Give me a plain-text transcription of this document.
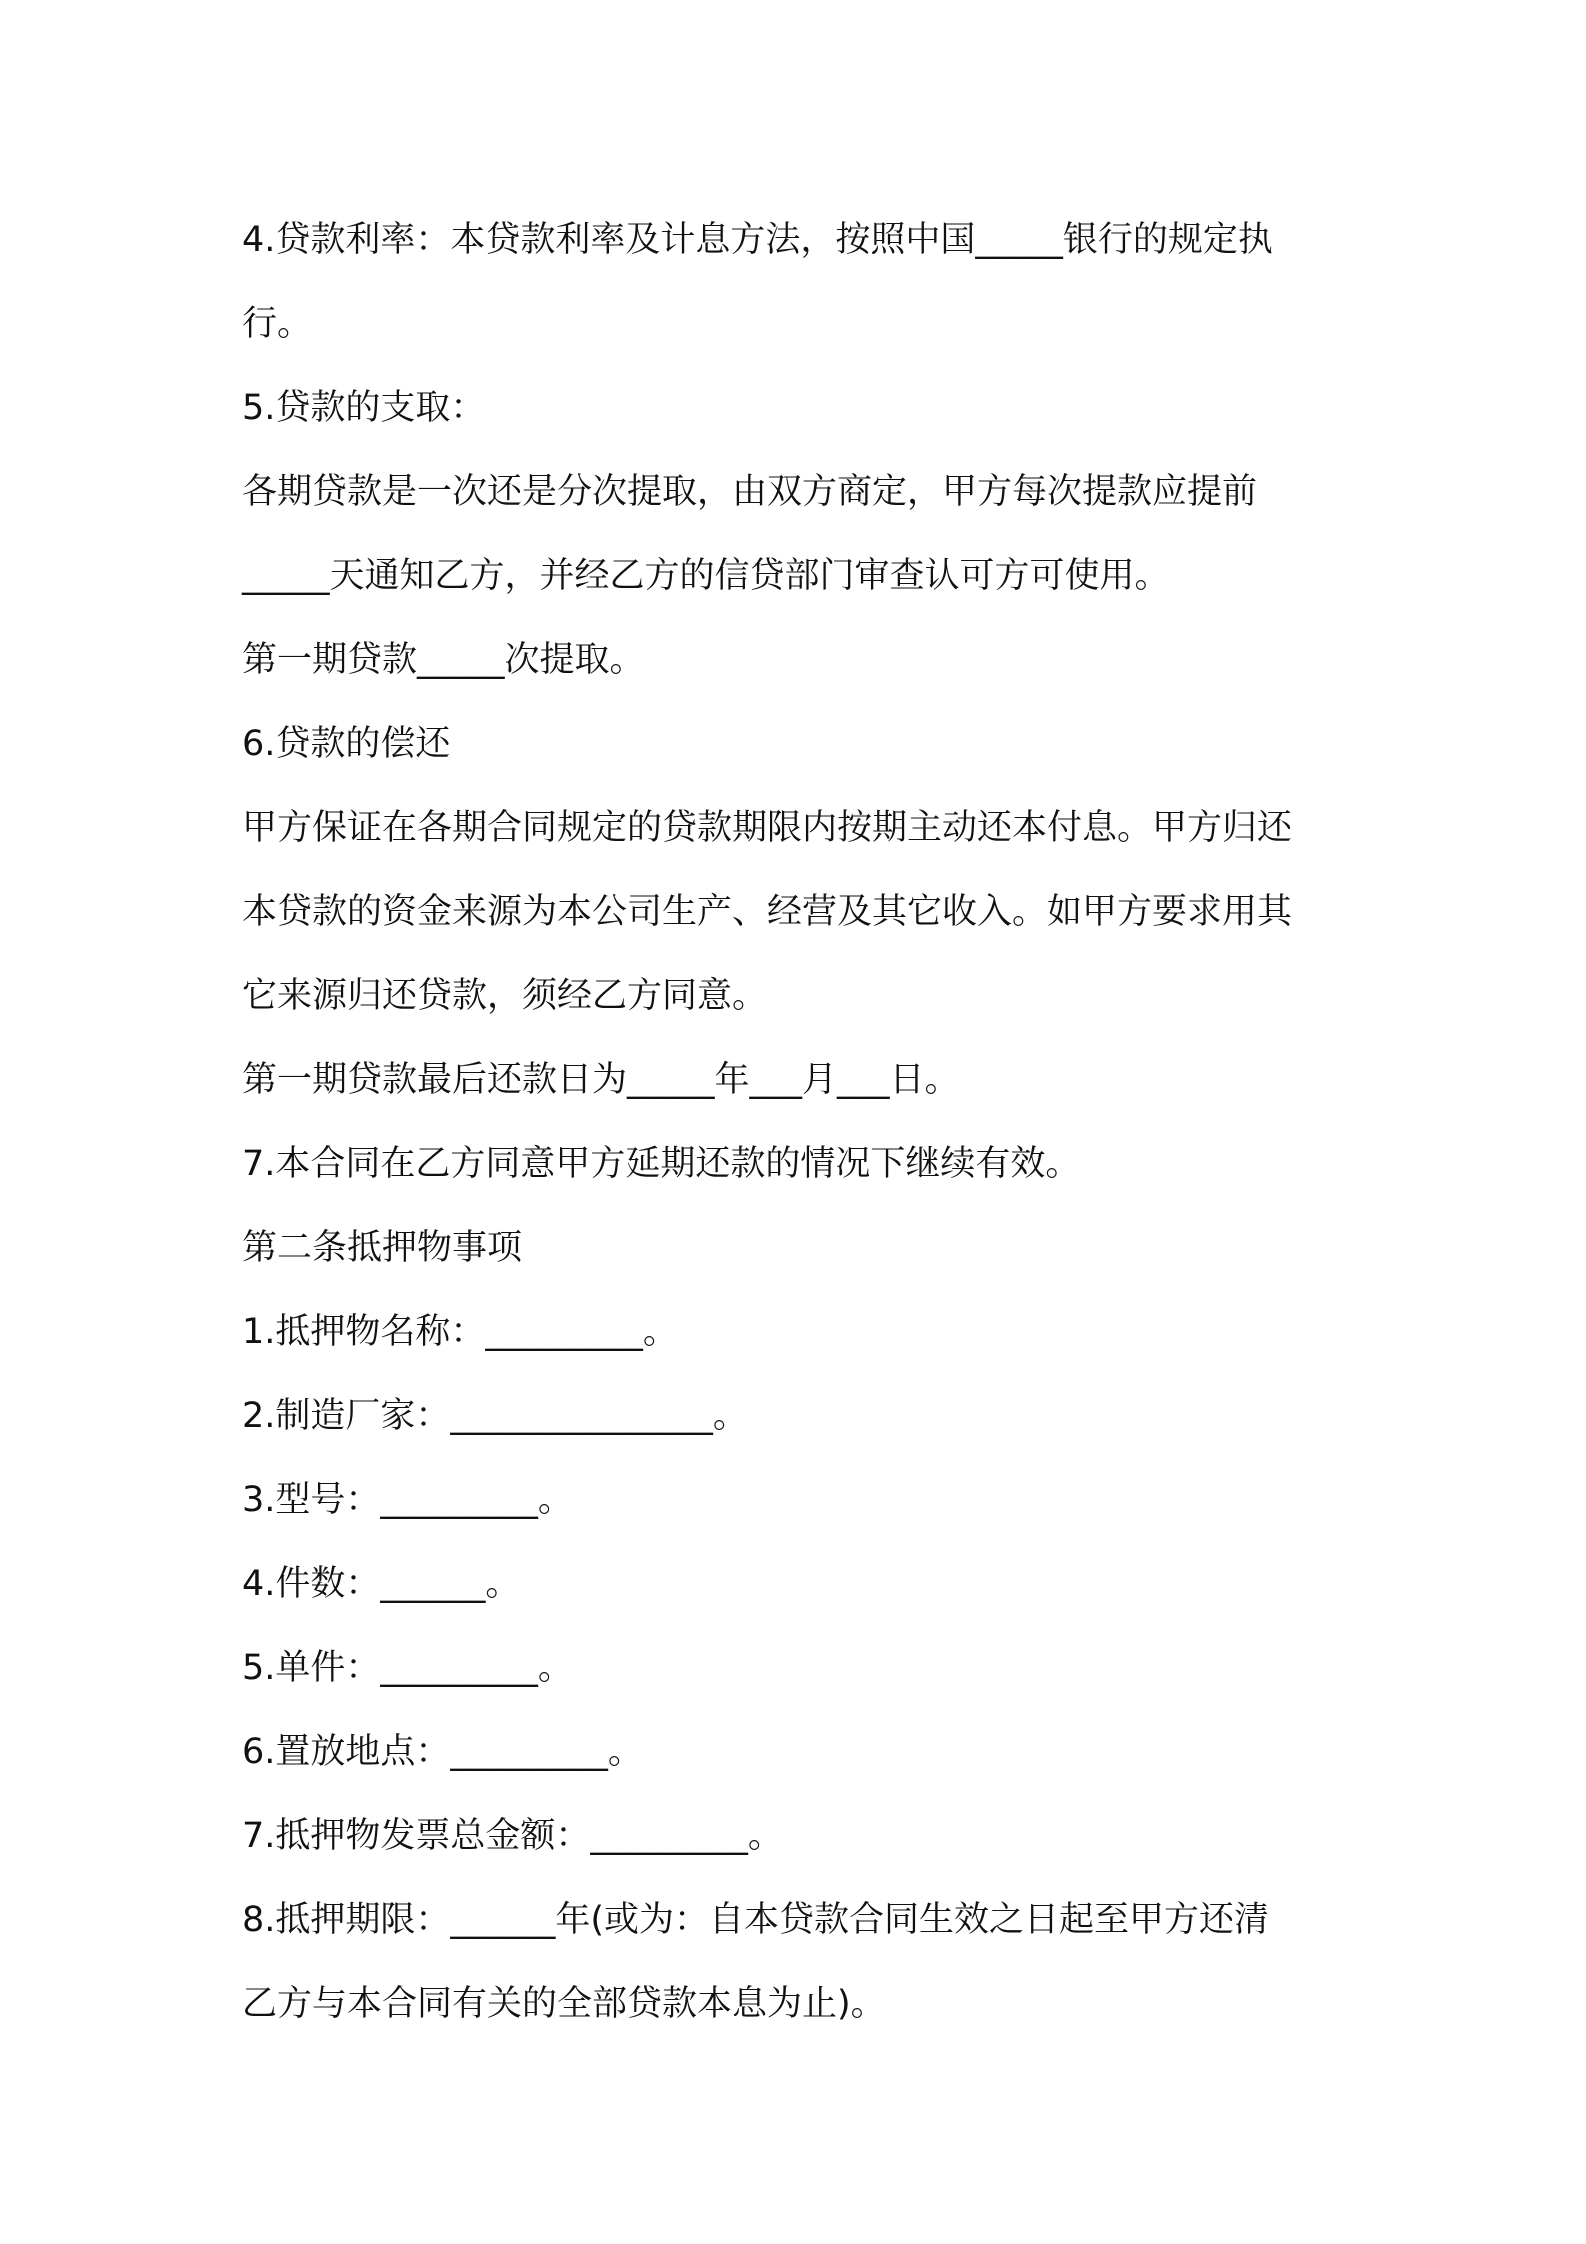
4.贷款利率：本贷款利率及计息方法，按照中国_____银行的规定执
行。
5.贷款的支取：
各期贷款是一次还是分次提取，由双方商定，甲方每次提款应提前
_____天通知乙方，并经乙方的信贷部门审查认可方可使用。
第一期贷款_____次提取。
6.贷款的偿还
甲方保证在各期合同规定的贷款期限内按期主动还本付息。甲方归还
本贷款的资金来源为本公司生产、经营及其它收入。如甲方要求用其
它来源归还贷款，须经乙方同意。
第一期贷款最后还款日为_____年___月___日。
7.本合同在乙方同意甲方延期还款的情况下继续有效。
第二条抵押物事项
1.抵押物名称：_________。
2.制造厂家：_______________。
3.型号：_________。
4.件数：______。
5.单件：_________。
6.置放地点：_________。
7.抵押物发票总金额：_________。
8.抵押期限：______年(或为：自本贷款合同生效之日起至甲方还清
乙方与本合同有关的全部贷款本息为止)。
